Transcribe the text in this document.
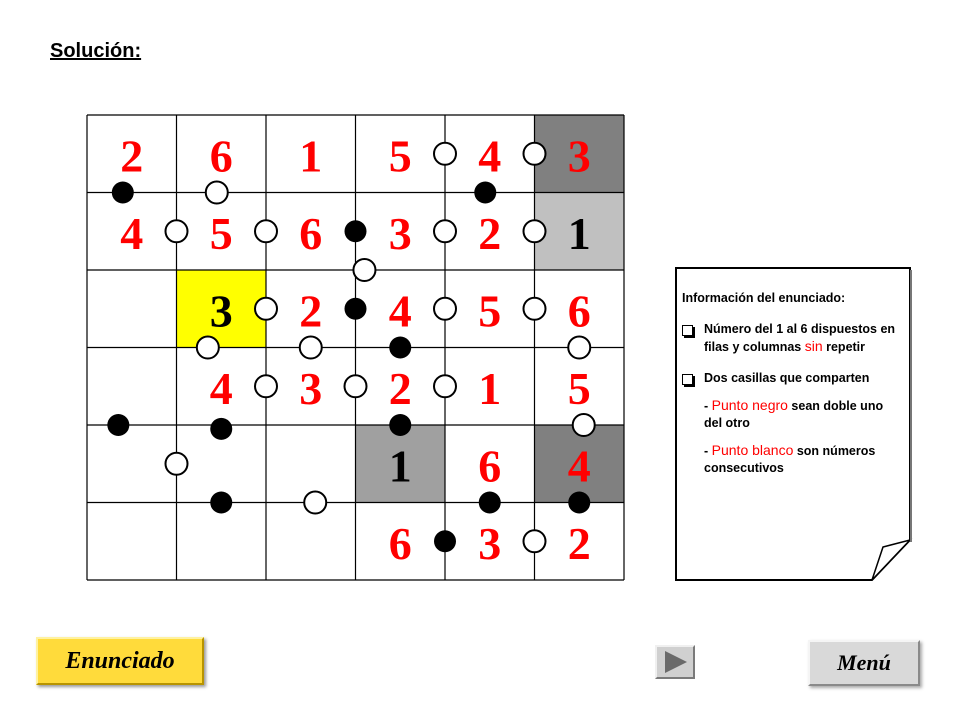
Solución:
2 6 1 5 4 3
4 5 6 3 2 1
3 2 4 5 6
4 3 2 1 5
1 6 4
6 3 2
Información del enunciado:
Número del 1 al 6 dispuestos en filas y columnas sin repetir
Dos casillas que comparten
- Punto negro sean doble uno del otro
- Punto blanco son números consecutivos
Enunciado	Menú
